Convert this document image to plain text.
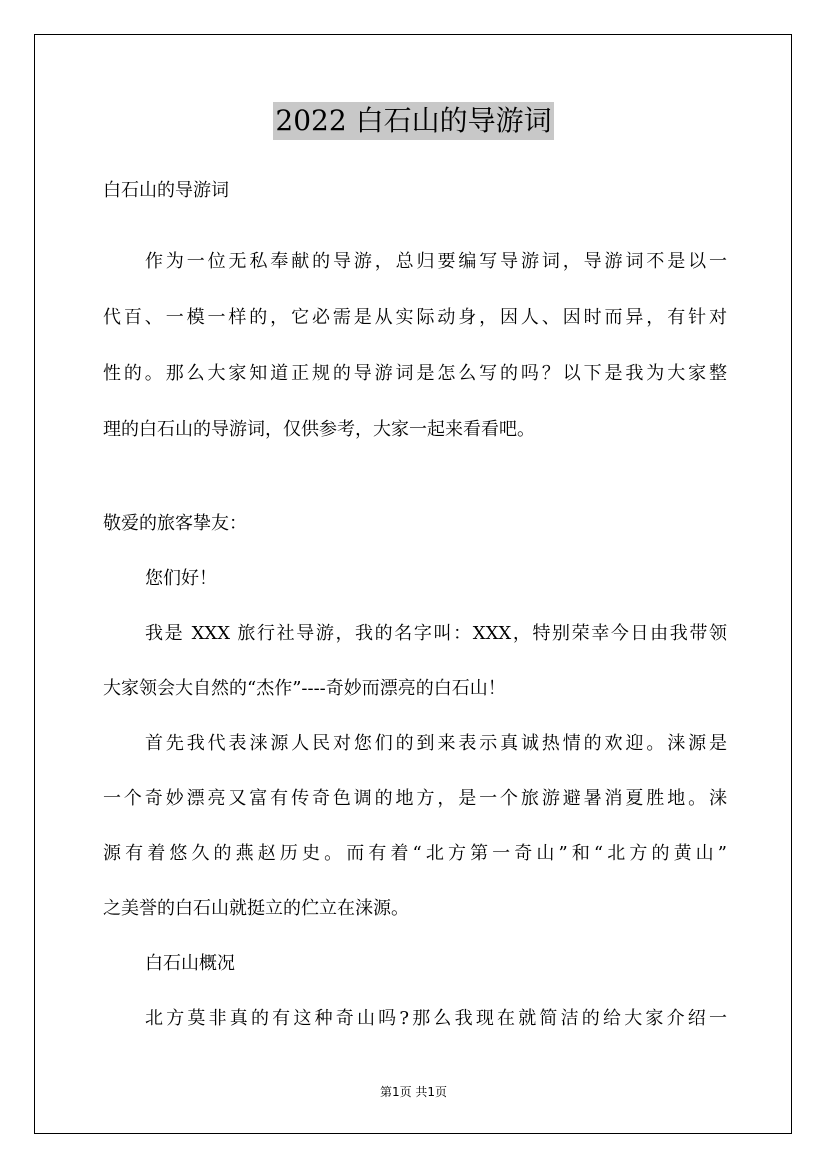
2022 白石山的导游词
白石山的导游词
作为一位无私奉献的导游，总归要编写导游词，导游词不是以一
代百、一模一样的，它必需是从实际动身，因人、因时而异，有针对
性的。那么大家知道正规的导游词是怎么写的吗？以下是我为大家整
理的白石山的导游词，仅供参考，大家一起来看看吧。
敬爱的旅客挚友：
您们好！
我是 XXX 旅行社导游，我的名字叫：XXX，特别荣幸今日由我带领
大家领会大自然的“杰作”----奇妙而漂亮的白石山！
首先我代表涞源人民对您们的到来表示真诚热情的欢迎。涞源是
一个奇妙漂亮又富有传奇色调的地方，是一个旅游避暑消夏胜地。涞
源有着悠久的燕赵历史。而有着“北方第一奇山”和“北方的黄山”
之美誉的白石山就挺立的伫立在涞源。
白石山概况
北方莫非真的有这种奇山吗?那么我现在就简洁的给大家介绍一
第1页 共1页
